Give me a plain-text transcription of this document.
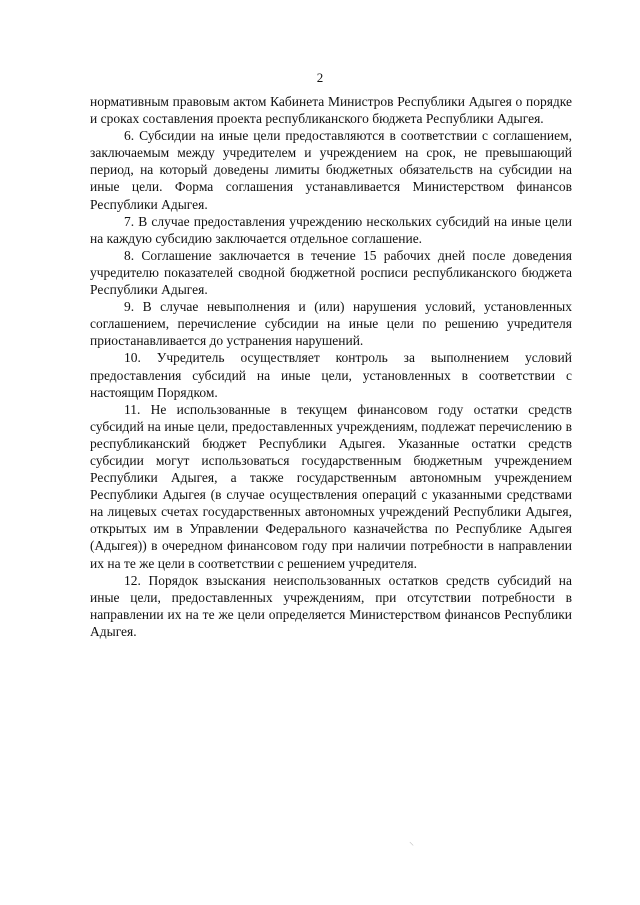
2

нормативным правовым актом Кабинета Министров Республики Адыгея о порядке и сроках составления проекта республиканского бюджета Республики Адыгея.

6. Субсидии на иные цели предоставляются в соответствии с соглашением, заключаемым между учредителем и учреждением на срок, не превышающий период, на который доведены лимиты бюджетных обязательств на субсидии на иные цели. Форма соглашения устанавливается Министерством финансов Республики Адыгея.

7. В случае предоставления учреждению нескольких субсидий на иные цели на каждую субсидию заключается отдельное соглашение.

8. Соглашение заключается в течение 15 рабочих дней после доведения учредителю показателей сводной бюджетной росписи республиканского бюджета Республики Адыгея.

9. В случае невыполнения и (или) нарушения условий, установленных соглашением, перечисление субсидии на иные цели по решению учредителя приостанавливается до устранения нарушений.

10. Учредитель осуществляет контроль за выполнением условий предоставления субсидий на иные цели, установленных в соответствии с настоящим Порядком.

11. Не использованные в текущем финансовом году остатки средств субсидий на иные цели, предоставленных учреждениям, подлежат перечислению в республиканский бюджет Республики Адыгея. Указанные остатки средств субсидии могут использоваться государственным бюджетным учреждением Республики Адыгея, а также государственным автономным учреждением Республики Адыгея (в случае осуществления операций с указанными средствами на лицевых счетах государственных автономных учреждений Республики Адыгея, открытых им в Управлении Федерального казначейства по Республике Адыгея (Адыгея)) в очередном финансовом году при наличии потребности в направлении их на те же цели в соответствии с решением учредителя.

12. Порядок взыскания неиспользованных остатков средств субсидий на иные цели, предоставленных учреждениям, при отсутствии потребности в направлении их на те же цели определяется Министерством финансов Республики Адыгея.

⸌
